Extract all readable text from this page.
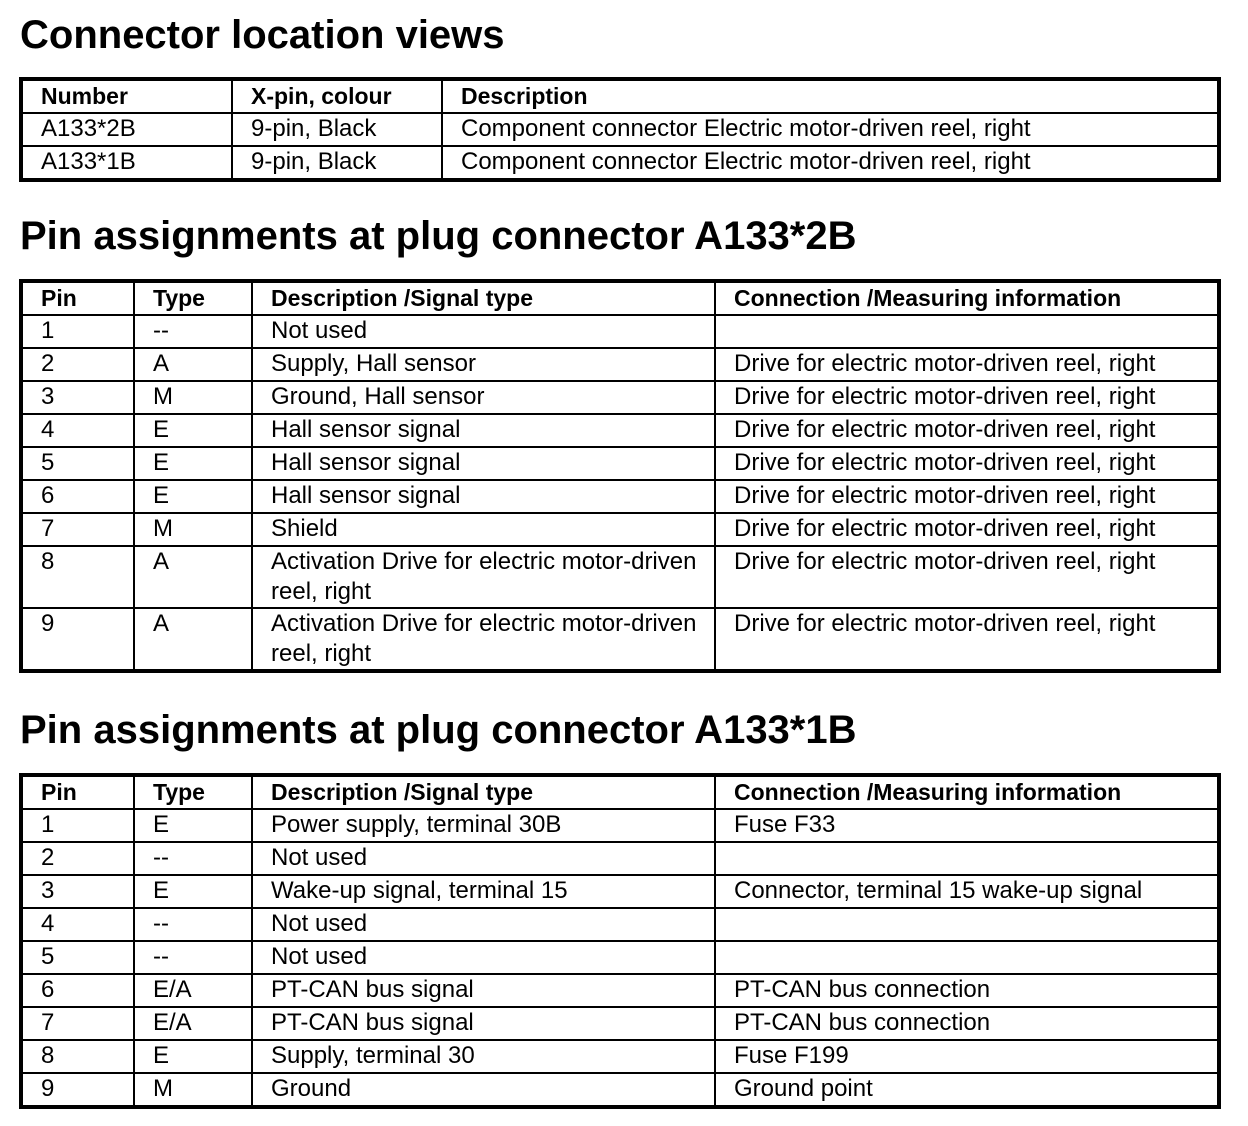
Connector location views
Number	X-pin, colour	Description
A133*2B	9-pin, Black	Component connector Electric motor-driven reel, right
A133*1B	9-pin, Black	Component connector Electric motor-driven reel, right
Pin assignments at plug connector A133*2B
Pin	Type	Description /Signal type	Connection /Measuring information
1	--	Not used	
2	A	Supply, Hall sensor	Drive for electric motor-driven reel, right
3	M	Ground, Hall sensor	Drive for electric motor-driven reel, right
4	E	Hall sensor signal	Drive for electric motor-driven reel, right
5	E	Hall sensor signal	Drive for electric motor-driven reel, right
6	E	Hall sensor signal	Drive for electric motor-driven reel, right
7	M	Shield	Drive for electric motor-driven reel, right
8	A	Activation Drive for electric motor-driven reel, right	Drive for electric motor-driven reel, right
9	A	Activation Drive for electric motor-driven reel, right	Drive for electric motor-driven reel, right
Pin assignments at plug connector A133*1B
Pin	Type	Description /Signal type	Connection /Measuring information
1	E	Power supply, terminal 30B	Fuse F33
2	--	Not used	
3	E	Wake-up signal, terminal 15	Connector, terminal 15 wake-up signal
4	--	Not used	
5	--	Not used	
6	E/A	PT-CAN bus signal	PT-CAN bus connection
7	E/A	PT-CAN bus signal	PT-CAN bus connection
8	E	Supply, terminal 30	Fuse F199
9	M	Ground	Ground point
